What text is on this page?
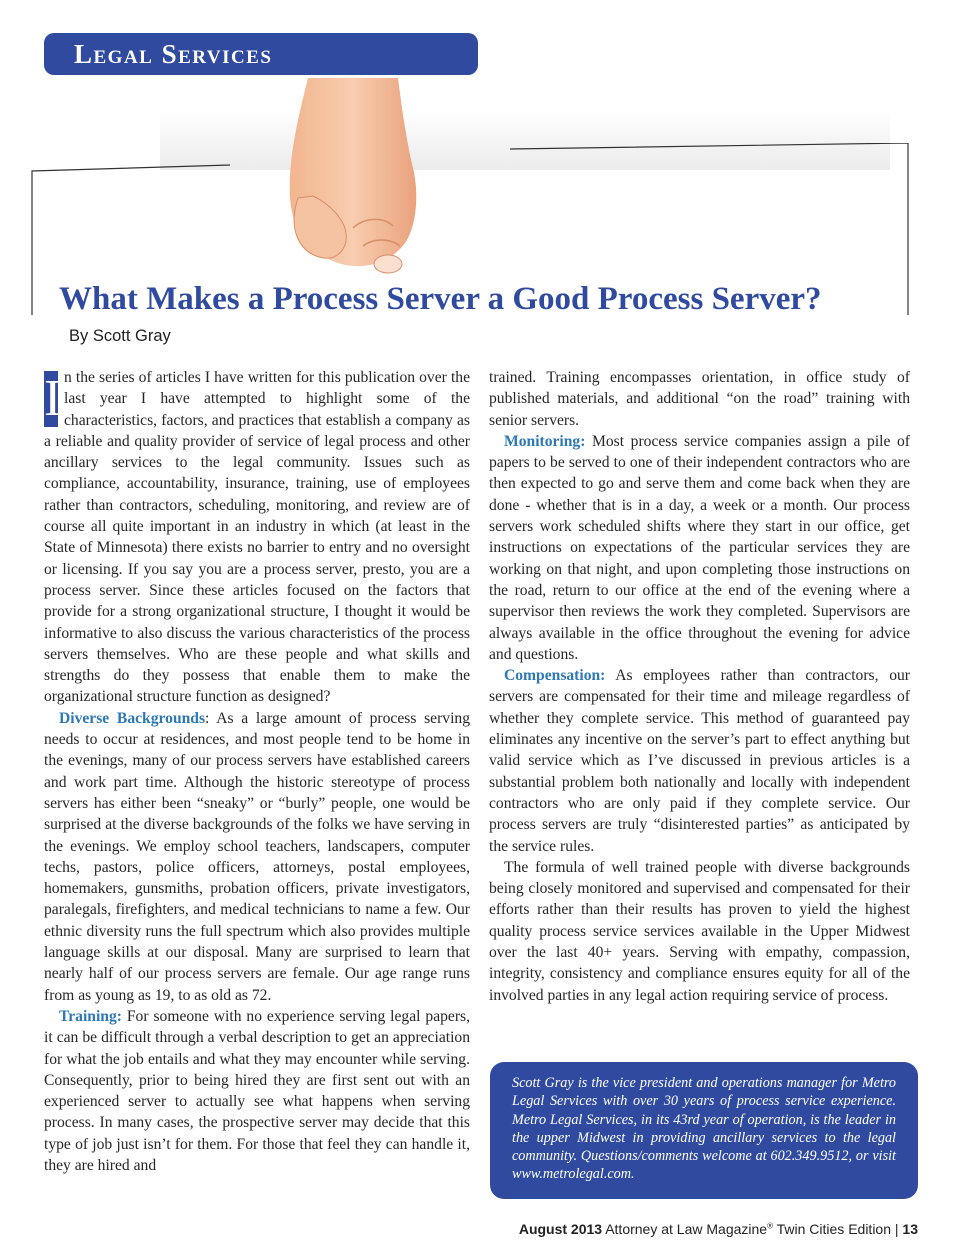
Legal Services
What Makes a Process Server a Good Process Server?

By Scott Gray

I n the series of articles I have written for this publication over the last year I have attempted to highlight some of the characteristics, factors, and practices that establish a company as a reliable and quality provider of service of legal process and other ancillary services to the legal community. Issues such as compliance, accountability, insurance, training, use of employees rather than contractors, scheduling, monitoring, and review are of course all quite important in an industry in which (at least in the State of Minnesota) there exists no barrier to entry and no oversight or licensing. If you say you are a process server, presto, you are a process server. Since these articles focused on the factors that provide for a strong organizational structure, I thought it would be informative to also discuss the various characteristics of the process servers themselves. Who are these people and what skills and strengths do they possess that enable them to make the organizational structure function as designed?

Diverse Backgrounds: As a large amount of process serving needs to occur at residences, and most people tend to be home in the evenings, many of our process servers have established careers and work part time. Although the historic stereotype of process servers has either been “sneaky” or “burly” people, one would be surprised at the diverse backgrounds of the folks we have serving in the evenings. We employ school teachers, landscapers, computer techs, pastors, police officers, attorneys, postal employees, homemakers, gunsmiths, probation officers, private investigators, paralegals, firefighters, and medical technicians to name a few. Our ethnic diversity runs the full spectrum which also provides multiple language skills at our disposal. Many are surprised to learn that nearly half of our process servers are female. Our age range runs from as young as 19, to as old as 72.

Training: For someone with no experience serving legal papers, it can be difficult through a verbal description to get an appreciation for what the job entails and what they may encounter while serving. Consequently, prior to being hired they are first sent out with an experienced server to actually see what happens when serving process. In many cases, the prospective server may decide that this type of job just isn’t for them. For those that feel they can handle it, they are hired and

trained. Training encompasses orientation, in office study of published materials, and additional “on the road” training with senior servers.

Monitoring: Most process service companies assign a pile of papers to be served to one of their independent contractors who are then expected to go and serve them and come back when they are done - whether that is in a day, a week or a month. Our process servers work scheduled shifts where they start in our office, get instructions on expectations of the particular services they are working on that night, and upon completing those instructions on the road, return to our office at the end of the evening where a supervisor then reviews the work they completed. Supervisors are always available in the office throughout the evening for advice and questions.

Compensation: As employees rather than contractors, our servers are compensated for their time and mileage regardless of whether they complete service. This method of guaranteed pay eliminates any incentive on the server’s part to effect anything but valid service which as I’ve discussed in previous articles is a substantial problem both nationally and locally with independent contractors who are only paid if they complete service. Our process servers are truly “disinterested parties” as anticipated by the service rules.

The formula of well trained people with diverse backgrounds being closely monitored and supervised and compensated for their efforts rather than their results has proven to yield the highest quality process service services available in the Upper Midwest over the last 40+ years. Serving with empathy, compassion, integrity, consistency and compliance ensures equity for all of the involved parties in any legal action requiring service of process.

Scott Gray is the vice president and operations manager for Metro Legal Services with over 30 years of process service experience. Metro Legal Services, in its 43rd year of operation, is the leader in the upper Midwest in providing ancillary services to the legal community. Questions/comments welcome at 602.349.9512, or visit www.metrolegal.com.
August 2013 Attorney at Law Magazine® Twin Cities Edition | 13
